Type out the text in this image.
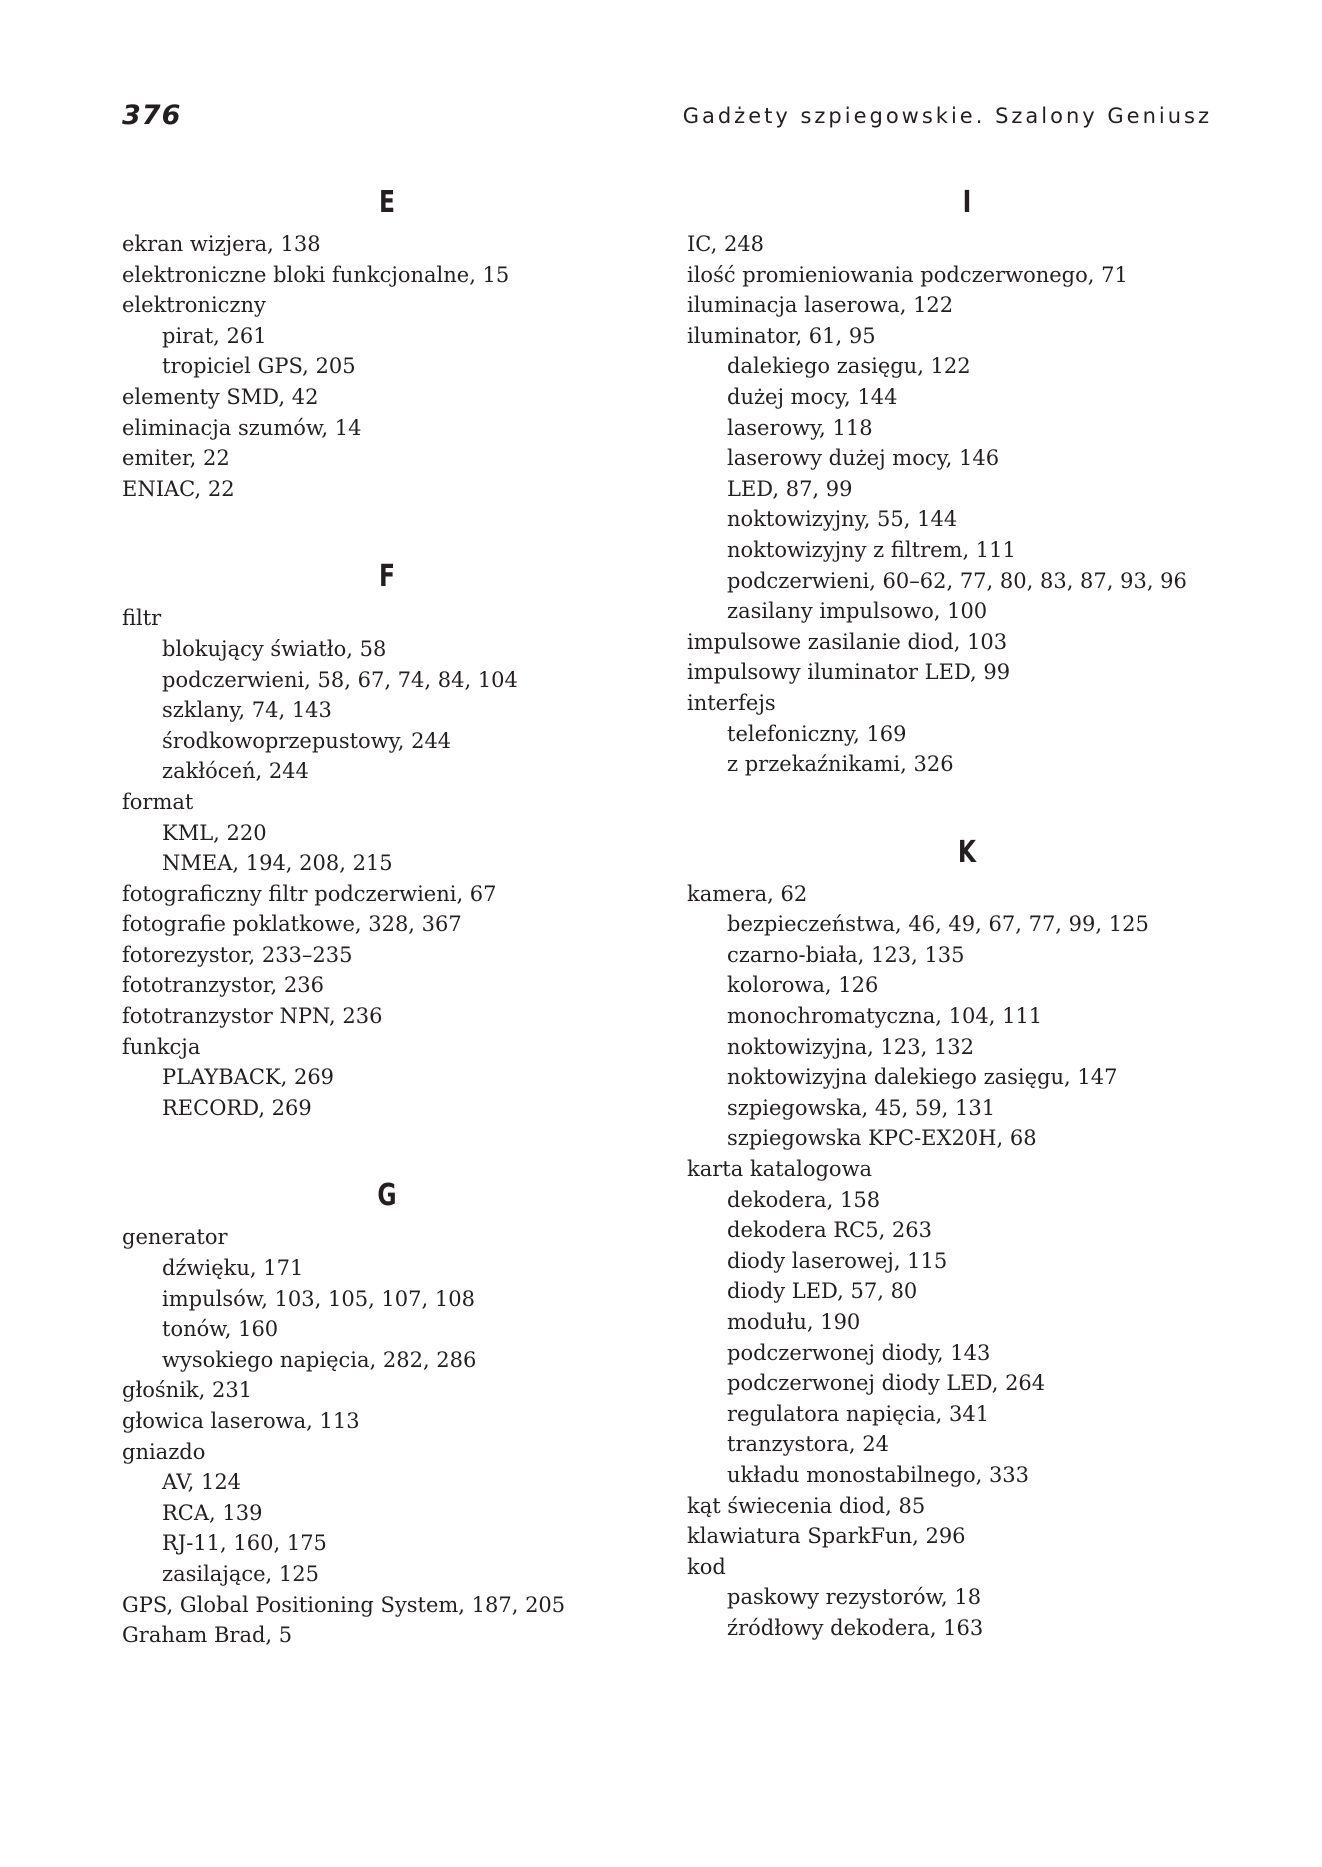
376	Gadżety szpiegowskie. Szalony Geniusz
E
ekran wizjera, 138
elektroniczne bloki funkcjonalne, 15
elektroniczny
pirat, 261
tropiciel GPS, 205
elementy SMD, 42
eliminacja szumów, 14
emiter, 22
ENIAC, 22
F
filtr
blokujący światło, 58
podczerwieni, 58, 67, 74, 84, 104
szklany, 74, 143
środkowoprzepustowy, 244
zakłóceń, 244
format
KML, 220
NMEA, 194, 208, 215
fotograficzny filtr podczerwieni, 67
fotografie poklatkowe, 328, 367
fotorezystor, 233–235
fototranzystor, 236
fototranzystor NPN, 236
funkcja
PLAYBACK, 269
RECORD, 269
G
generator
dźwięku, 171
impulsów, 103, 105, 107, 108
tonów, 160
wysokiego napięcia, 282, 286
głośnik, 231
głowica laserowa, 113
gniazdo
AV, 124
RCA, 139
RJ-11, 160, 175
zasilające, 125
GPS, Global Positioning System, 187, 205
Graham Brad, 5
I
IC, 248
ilość promieniowania podczerwonego, 71
iluminacja laserowa, 122
iluminator, 61, 95
dalekiego zasięgu, 122
dużej mocy, 144
laserowy, 118
laserowy dużej mocy, 146
LED, 87, 99
noktowizyjny, 55, 144
noktowizyjny z filtrem, 111
podczerwieni, 60–62, 77, 80, 83, 87, 93, 96
zasilany impulsowo, 100
impulsowe zasilanie diod, 103
impulsowy iluminator LED, 99
interfejs
telefoniczny, 169
z przekaźnikami, 326
K
kamera, 62
bezpieczeństwa, 46, 49, 67, 77, 99, 125
czarno-biała, 123, 135
kolorowa, 126
monochromatyczna, 104, 111
noktowizyjna, 123, 132
noktowizyjna dalekiego zasięgu, 147
szpiegowska, 45, 59, 131
szpiegowska KPC-EX20H, 68
karta katalogowa
dekodera, 158
dekodera RC5, 263
diody laserowej, 115
diody LED, 57, 80
modułu, 190
podczerwonej diody, 143
podczerwonej diody LED, 264
regulatora napięcia, 341
tranzystora, 24
układu monostabilnego, 333
kąt świecenia diod, 85
klawiatura SparkFun, 296
kod
paskowy rezystorów, 18
źródłowy dekodera, 163
